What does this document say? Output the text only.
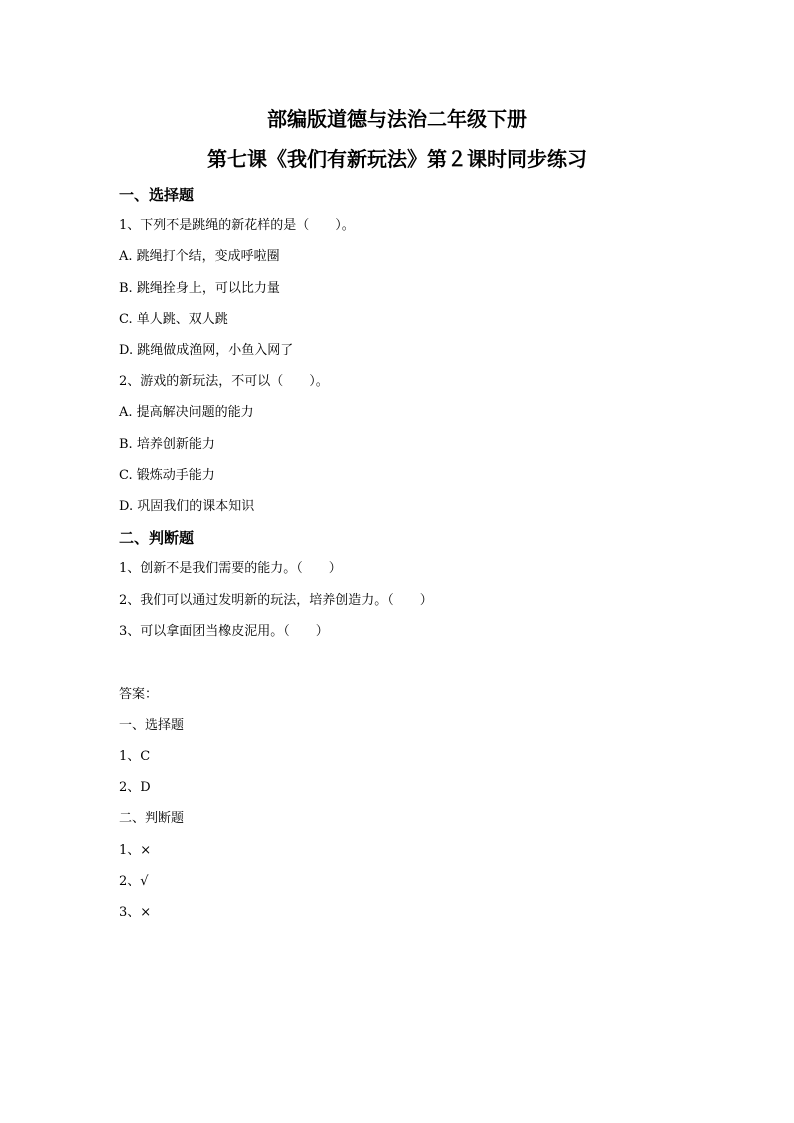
部编版道德与法治二年级下册
第七课《我们有新玩法》第２课时同步练习
一、选择题
1、下列不是跳绳的新花样的是（　　）。
A. 跳绳打个结，变成呼啦圈
B. 跳绳拴身上，可以比力量
C. 单人跳、双人跳
D. 跳绳做成渔网，小鱼入网了
2、游戏的新玩法，不可以（　　）。
A. 提高解决问题的能力
B. 培养创新能力
C. 锻炼动手能力
D. 巩固我们的课本知识
二、判断题
1、创新不是我们需要的能力。（　　）
2、我们可以通过发明新的玩法，培养创造力。（　　）
3、可以拿面团当橡皮泥用。（　　）
答案：
一、选择题
1、C
2、D
二、判断题
1、×
2、√
3、×
